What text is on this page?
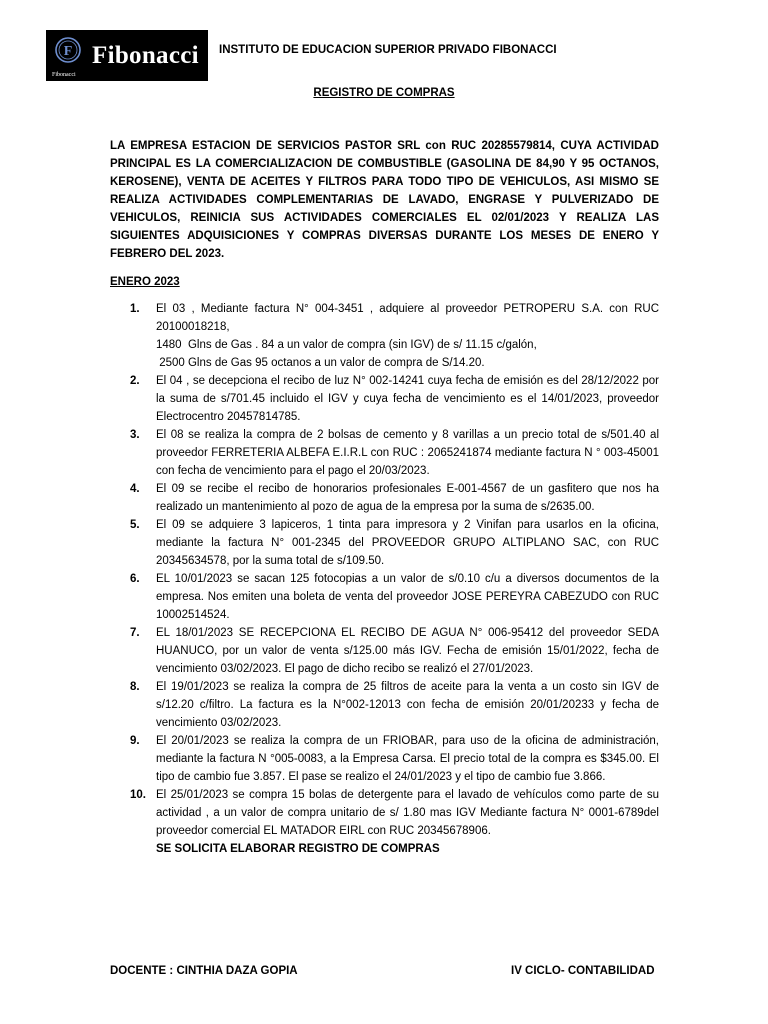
F
Fibonacci
Fibonacci INSTITUTO DE EDUCACION SUPERIOR PRIVADO FIBONACCI
REGISTRO DE COMPRAS

LA EMPRESA ESTACION DE SERVICIOS PASTOR SRL con RUC 20285579814, CUYA ACTIVIDAD PRINCIPAL ES LA COMERCIALIZACION DE COMBUSTIBLE (GASOLINA DE 84,90 Y 95 OCTANOS, KEROSENE), VENTA DE ACEITES Y FILTROS PARA TODO TIPO DE VEHICULOS, ASI MISMO SE REALIZA ACTIVIDADES COMPLEMENTARIAS DE LAVADO, ENGRASE Y PULVERIZADO DE VEHICULOS, REINICIA SUS ACTIVIDADES COMERCIALES EL 02/01/2023 Y REALIZA LAS SIGUIENTES ADQUISICIONES Y COMPRAS DIVERSAS DURANTE LOS MESES DE ENERO Y FEBRERO DEL 2023.

ENERO 2023
1. El 03 , Mediante factura N° 004-3451 , adquiere al proveedor PETROPERU S.A. con RUC 20100018218,
1480  Glns de Gas . 84 a un valor de compra (sin IGV) de s/ 11.15 c/galón,
2500 Glns de Gas 95 octanos a un valor de compra de S/14.20.
2. El 04 , se decepciona el recibo de luz N° 002-14241 cuya fecha de emisión es del 28/12/2022 por la suma de s/701.45 incluido el IGV y cuya fecha de vencimiento es el 14/01/2023, proveedor Electrocentro 20457814785.
3. El 08 se realiza la compra de 2 bolsas de cemento y 8 varillas a un precio total de s/501.40 al proveedor FERRETERIA ALBEFA E.I.R.L con RUC : 2065241874 mediante factura N ° 003-45001 con fecha de vencimiento para el pago el 20/03/2023.
4. El 09 se recibe el recibo de honorarios profesionales E-001-4567 de un gasfitero que nos ha realizado un mantenimiento al pozo de agua de la empresa por la suma de s/2635.00.
5. El 09 se adquiere 3 lapiceros, 1 tinta para impresora y 2 Vinifan para usarlos en la oficina, mediante la factura N° 001-2345 del PROVEEDOR GRUPO ALTIPLANO SAC, con RUC 20345634578, por la suma total de s/109.50.
6. EL 10/01/2023 se sacan 125 fotocopias a un valor de s/0.10 c/u a diversos documentos de la empresa. Nos emiten una boleta de venta del proveedor JOSE PEREYRA CABEZUDO con RUC 10002514524.
7. EL 18/01/2023 SE RECEPCIONA EL RECIBO DE AGUA N° 006-95412 del proveedor SEDA HUANUCO, por un valor de venta s/125.00 más IGV. Fecha de emisión 15/01/2022, fecha de vencimiento 03/02/2023. El pago de dicho recibo se realizó el 27/01/2023.
8. El 19/01/2023 se realiza la compra de 25 filtros de aceite para la venta a un costo sin IGV de s/12.20 c/filtro. La factura es la N°002-12013 con fecha de emisión 20/01/20233 y fecha de vencimiento 03/02/2023.
9. El 20/01/2023 se realiza la compra de un FRIOBAR, para uso de la oficina de administración, mediante la factura N °005-0083, a la Empresa Carsa. El precio total de la compra es $345.00. El tipo de cambio fue 3.857. El pase se realizo el 24/01/2023 y el tipo de cambio fue 3.866.
10. El 25/01/2023 se compra 15 bolas de detergente para el lavado de vehículos como parte de su actividad , a un valor de compra unitario de s/ 1.80 mas IGV Mediante factura N° 0001-6789del proveedor comercial EL MATADOR EIRL con RUC 20345678906.
SE SOLICITA ELABORAR REGISTRO DE COMPRAS
DOCENTE : CINTHIA DAZA GOPIA	IV CICLO- CONTABILIDAD
